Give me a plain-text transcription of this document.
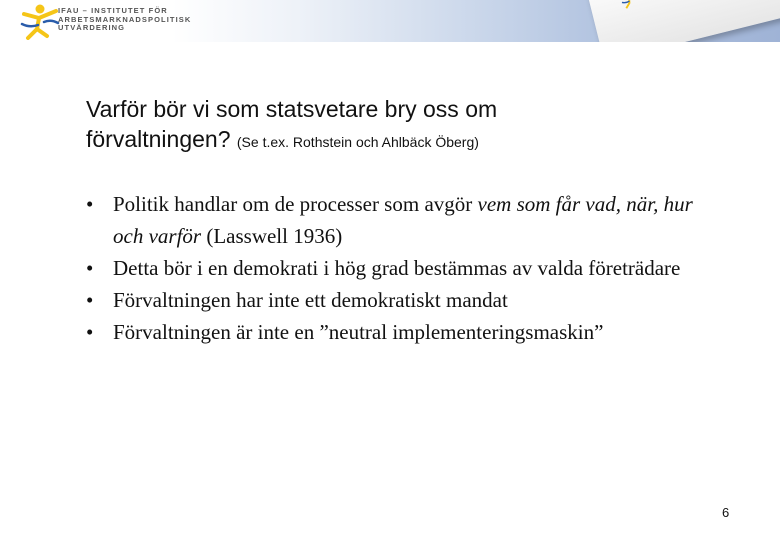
IFAU – INSTITUTET FÖR
ARBETSMARKNADSPOLITISK
UTVÄRDERING
Varför bör vi som statsvetare bry oss om
förvaltningen? (Se t.ex. Rothstein och Ahlbäck Öberg)
• Politik handlar om de processer som avgör vem som får vad, när, hur och varför (Lasswell 1936)
• Detta bör i en demokrati i hög grad bestämmas av valda företrädare
• Förvaltningen har inte ett demokratiskt mandat
• Förvaltningen är inte en ”neutral implementeringsmaskin”
6
